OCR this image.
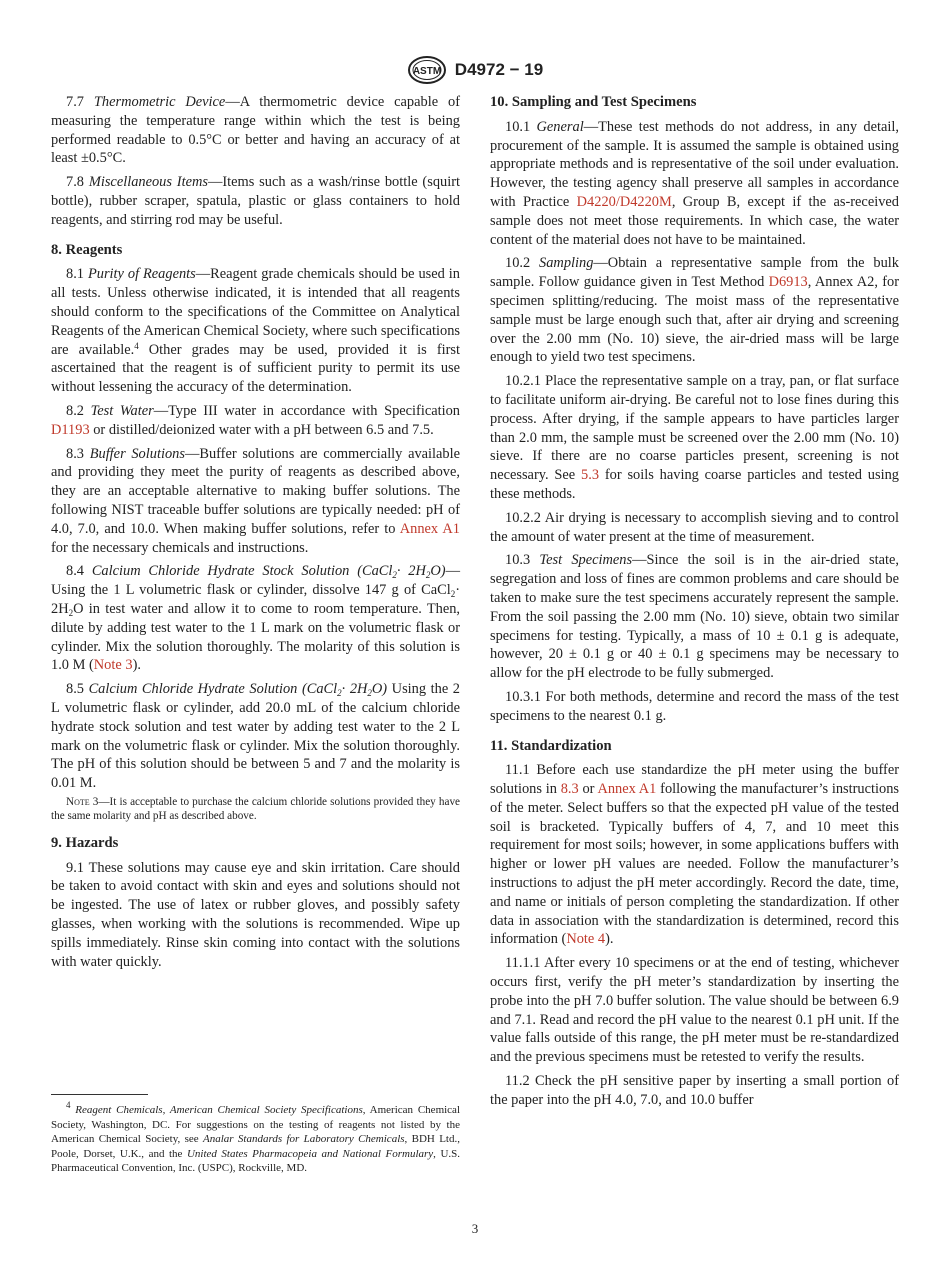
ASTM D4972 − 19

7.7 Thermometric Device—A thermometric device capable of measuring the temperature range within which the test is being performed readable to 0.5°C or better and having an accuracy of at least ±0.5°C.

7.8 Miscellaneous Items—Items such as a wash/rinse bottle (squirt bottle), rubber scraper, spatula, plastic or glass containers to hold reagents, and stirring rod may be useful.

8. Reagents

8.1 Purity of Reagents—Reagent grade chemicals should be used in all tests. Unless otherwise indicated, it is intended that all reagents should conform to the specifications of the Committee on Analytical Reagents of the American Chemical Society, where such specifications are available.$^4$ Other grades may be used, provided it is first ascertained that the reagent is of sufficient purity to permit its use without lessening the accuracy of the determination.

8.2 Test Water—Type III water in accordance with Specification D1193 or distilled/deionized water with a pH between 6.5 and 7.5.

8.3 Buffer Solutions—Buffer solutions are commercially available and providing they meet the purity of reagents as described above, they are an acceptable alternative to making buffer solutions. The following NIST traceable buffer solutions are typically needed: pH of 4.0, 7.0, and 10.0. When making buffer solutions, refer to Annex A1 for the necessary chemicals and instructions.

8.4 Calcium Chloride Hydrate Stock Solution (CaCl$_2$· $2H_2O)—Using$ the 1 L volumetric flask or cylinder, dissolve 147 g of CaCl$_2$· $2H_2O$ in test water and allow it to come to room temperature. Then, dilute by adding test water to the 1 L mark on the volumetric flask or cylinder. Mix the solution thoroughly. The molarity of this solution is 1.0 M (Note 3).

8.5 Calcium Chloride Hydrate Solution (CaCl$_2$· $2H_2O$) Using the 2 L volumetric flask or cylinder, add 20.0 mL of the calcium chloride hydrate stock solution and test water by adding test water to the 2 L mark on the volumetric flask or cylinder. Mix the solution thoroughly. The pH of this solution should be between 5 and 7 and the molarity is 0.01 M.

Note 3—It is acceptable to purchase the calcium chloride solutions provided they have the same molarity and pH as described above.
9. Hazards

9.1 These solutions may cause eye and skin irritation. Care should be taken to avoid contact with skin and eyes and solutions should not be ingested. The use of latex or rubber gloves, and possibly safety glasses, when working with the solutions is recommended. Wipe up spills immediately. Rinse skin coming into contact with the solutions with water quickly.

$^4$ Reagent Chemicals, American Chemical Society Specifications, American Chemical Society, Washington, DC. For suggestions on the testing of reagents not listed by the American Chemical Society, see Analar Standards for Laboratory Chemicals, BDH Ltd., Poole, Dorset, U.K., and the United States Pharmacopeia and National Formulary, U.S. Pharmaceutical Convention, Inc. (USPC), Rockville, MD.
10. Sampling and Test Specimens

10.1 General—These test methods do not address, in any detail, procurement of the sample. It is assumed the sample is obtained using appropriate methods and is representative of the soil under evaluation. However, the testing agency shall preserve all samples in accordance with Practice D4220/D4220M, Group B, except if the as-received sample does not meet those requirements. In which case, the water content of the material does not have to be maintained.

10.2 Sampling—Obtain a representative sample from the bulk sample. Follow guidance given in Test Method D6913, Annex A2, for specimen splitting/reducing. The moist mass of the representative sample must be large enough such that, after air drying and screening over the 2.00 mm (No. 10) sieve, the air-dried mass will be large enough to yield two test specimens.

10.2.1 Place the representative sample on a tray, pan, or flat surface to facilitate uniform air-drying. Be careful not to lose fines during this process. After drying, if the sample appears to have particles larger than 2.0 mm, the sample must be screened over the 2.00 mm (No. 10) sieve. If there are no coarse particles present, screening is not necessary. See 5.3 for soils having coarse particles and tested using these methods.

10.2.2 Air drying is necessary to accomplish sieving and to control the amount of water present at the time of measurement.

10.3 Test Specimens—Since the soil is in the air-dried state, segregation and loss of fines are common problems and care should be taken to make sure the test specimens accurately represent the sample. From the soil passing the 2.00 mm (No. 10) sieve, obtain two similar specimens for testing. Typically, a mass of 10 ± 0.1 g is adequate, however, 20 ± 0.1 g or 40 ± 0.1 g specimens may be necessary to allow for the pH electrode to be fully submerged.

10.3.1 For both methods, determine and record the mass of the test specimens to the nearest 0.1 g.

11. Standardization

11.1 Before each use standardize the pH meter using the buffer solutions in 8.3 or Annex A1 following the manufacturer’s instructions of the meter. Select buffers so that the expected pH value of the tested soil is bracketed. Typically buffers of 4, 7, and 10 meet this requirement for most soils; however, in some applications buffers with higher or lower pH values are needed. Follow the manufacturer’s instructions to adjust the pH meter accordingly. Record the date, time, and name or initials of person completing the standardization. If other data in association with the standardization is determined, record this information (Note 4).

11.1.1 After every 10 specimens or at the end of testing, whichever occurs first, verify the pH meter’s standardization by inserting the probe into the pH 7.0 buffer solution. The value should be between 6.9 and 7.1. Read and record the pH value to the nearest 0.1 pH unit. If the value falls outside of this range, the pH meter must be re-standardized and the previous specimens must be retested to verify the results.

11.2 Check the pH sensitive paper by inserting a small portion of the paper into the pH 4.0, 7.0, and 10.0 buffer

3
